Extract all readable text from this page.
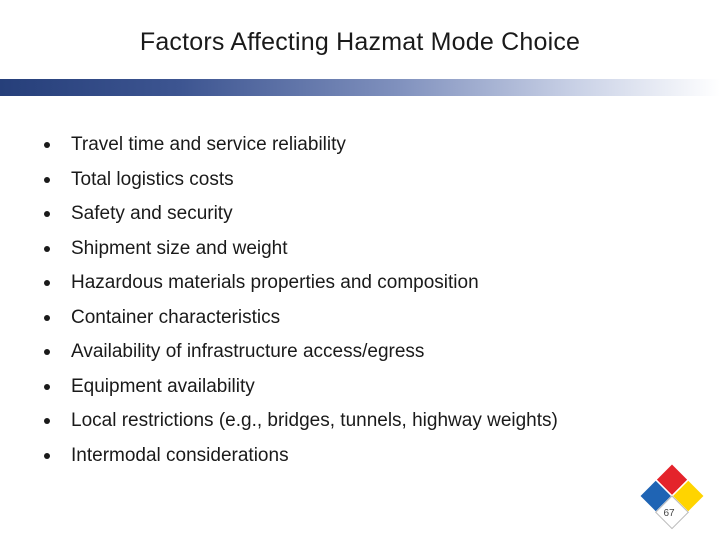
Factors Affecting Hazmat Mode Choice
Travel time and service reliability
Total logistics costs
Safety and security
Shipment size and weight
Hazardous materials properties and composition
Container characteristics
Availability of infrastructure access/egress
Equipment availability
Local restrictions (e.g., bridges, tunnels, highway weights)
Intermodal considerations
67
